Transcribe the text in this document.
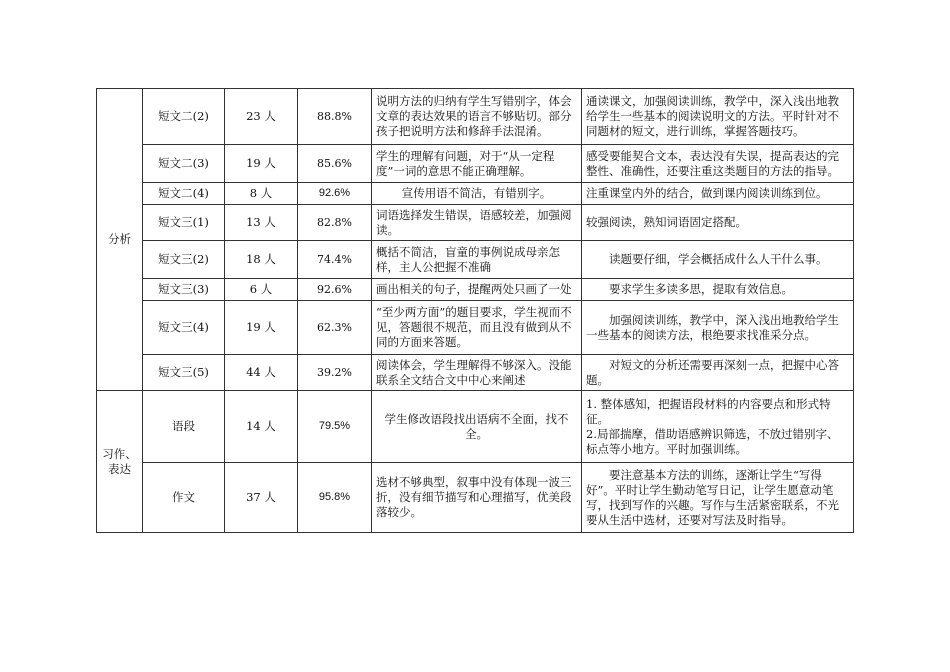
分析	短文二(2)	23 人	88.8%	说明方法的归纳有学生写错别字，体会文章的表达效果的语言不够贴切。部分孩子把说明方法和修辞手法混淆。	通读课文，加强阅读训练，教学中，深入浅出地教给学生一些基本的阅读说明文的方法。平时针对不同题材的短文，进行训练，掌握答题技巧。
	短文二(3)	19 人	85.6%	学生的理解有问题，对于“从一定程度”一词的意思不能正确理解。	感受要能契合文本，表达没有失误，提高表达的完整性、准确性，还要注重这类题目的方法的指导。
	短文二(4)	8 人	92.6%	宣传用语不简洁，有错别字。	注重课堂内外的结合，做到课内阅读训练到位。
	短文三(1)	13 人	82.8%	词语选择发生错误，语感较差，加强阅读。	较强阅读，熟知词语固定搭配。
	短文三(2)	18 人	74.4%	概括不简洁，盲童的事例说成母亲怎样，主人公把握不准确	读题要仔细，学会概括成什么人干什么事。
	短文三(3)	6 人	92.6%	画出相关的句子，提醒两处只画了一处	要求学生多读多思，提取有效信息。
	短文三(4)	19 人	62.3%	“至少两方面”的题目要求，学生视而不见，答题很不规范，而且没有做到从不同的方面来答题。	加强阅读训练，教学中，深入浅出地教给学生一些基本的阅读方法，根绝要求找准采分点。
	短文三(5)	44 人	39.2%	阅读体会，学生理解得不够深入。没能联系全文结合文中中心来阐述	对短文的分析还需要再深刻一点，把握中心答题。
习作、表达	语段	14 人	79.5%	学生修改语段找出语病不全面，找不全。	1. 整体感知，把握语段材料的内容要点和形式特征。
2.局部揣摩，借助语感辨识筛选，不放过错别字、标点等小地方。平时加强训练。

	作文	37 人	95.8%	选材不够典型，叙事中没有体现一波三折，没有细节描写和心理描写，优美段落较少。	要注意基本方法的训练，逐渐让学生“写得好”。平时让学生勤动笔写日记，让学生愿意动笔写，找到写作的兴趣。写作与生活紧密联系，不光要从生活中选材，还要对写法及时指导。
